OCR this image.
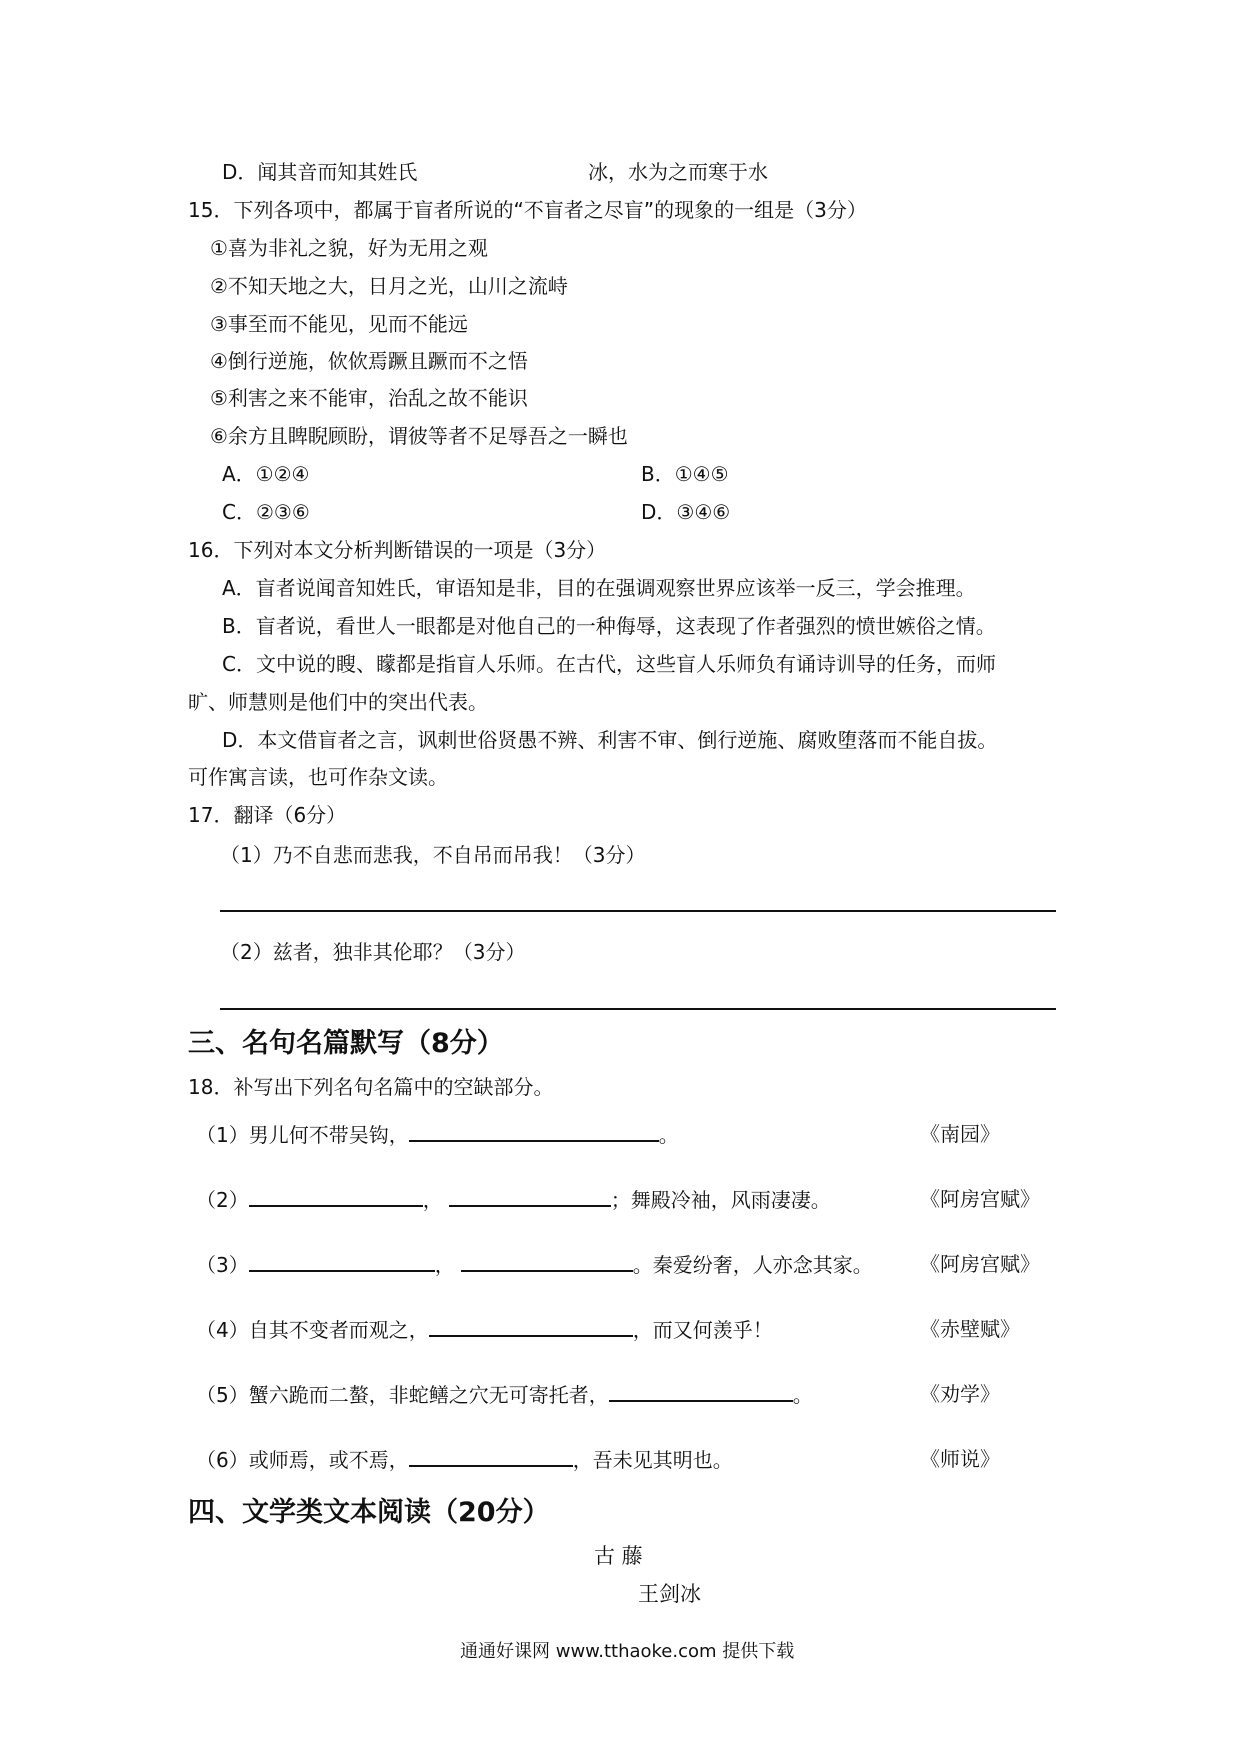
D．闻其音而知其姓氏	冰，水为之而寒于水
15．下列各项中，都属于盲者所说的“不盲者之尽盲”的现象的一组是（3分）
①喜为非礼之貌，好为无用之观
②不知天地之大，日月之光，山川之流峙
③事至而不能见，见而不能远
④倒行逆施，佽佽焉蹶且蹶而不之悟
⑤利害之来不能审，治乱之故不能识
⑥余方且睥睨顾盼，谓彼等者不足辱吾之一瞬也
A．①②④	B．①④⑤
C．②③⑥	D．③④⑥
16．下列对本文分析判断错误的一项是（3分）
A．盲者说闻音知姓氏，审语知是非，目的在强调观察世界应该举一反三，学会推理。
B．盲者说，看世人一眼都是对他自己的一种侮辱，这表现了作者强烈的愤世嫉俗之情。
C．文中说的瞍、矇都是指盲人乐师。在古代，这些盲人乐师负有诵诗训导的任务，而师
旷、师慧则是他们中的突出代表。
D．本文借盲者之言，讽刺世俗贤愚不辨、利害不审、倒行逆施、腐败堕落而不能自拔。
可作寓言读，也可作杂文读。
17．翻译（6分）
（1）乃不自悲而悲我，不自吊而吊我！（3分）
（2）兹者，独非其伦耶？（3分）
三、名句名篇默写（8分）
18．补写出下列名句名篇中的空缺部分。
（1）男儿何不带吴钩，	。	《南园》
（2）	，	；舞殿冷袖，风雨凄凄。	《阿房宫赋》
（3）	，	。秦爱纷奢，人亦念其家。 《阿房宫赋》
（4）自其不变者而观之，	，而又何羡乎！	《赤壁赋》
（5）蟹六跪而二螯，非蛇鳝之穴无可寄托者，	。	《劝学》
（6）或师焉，或不焉，	，吾未见其明也。	《师说》
四、文学类文本阅读（20分）
古 藤
王剑冰
通通好课网 www.tthaoke.com 提供下载
